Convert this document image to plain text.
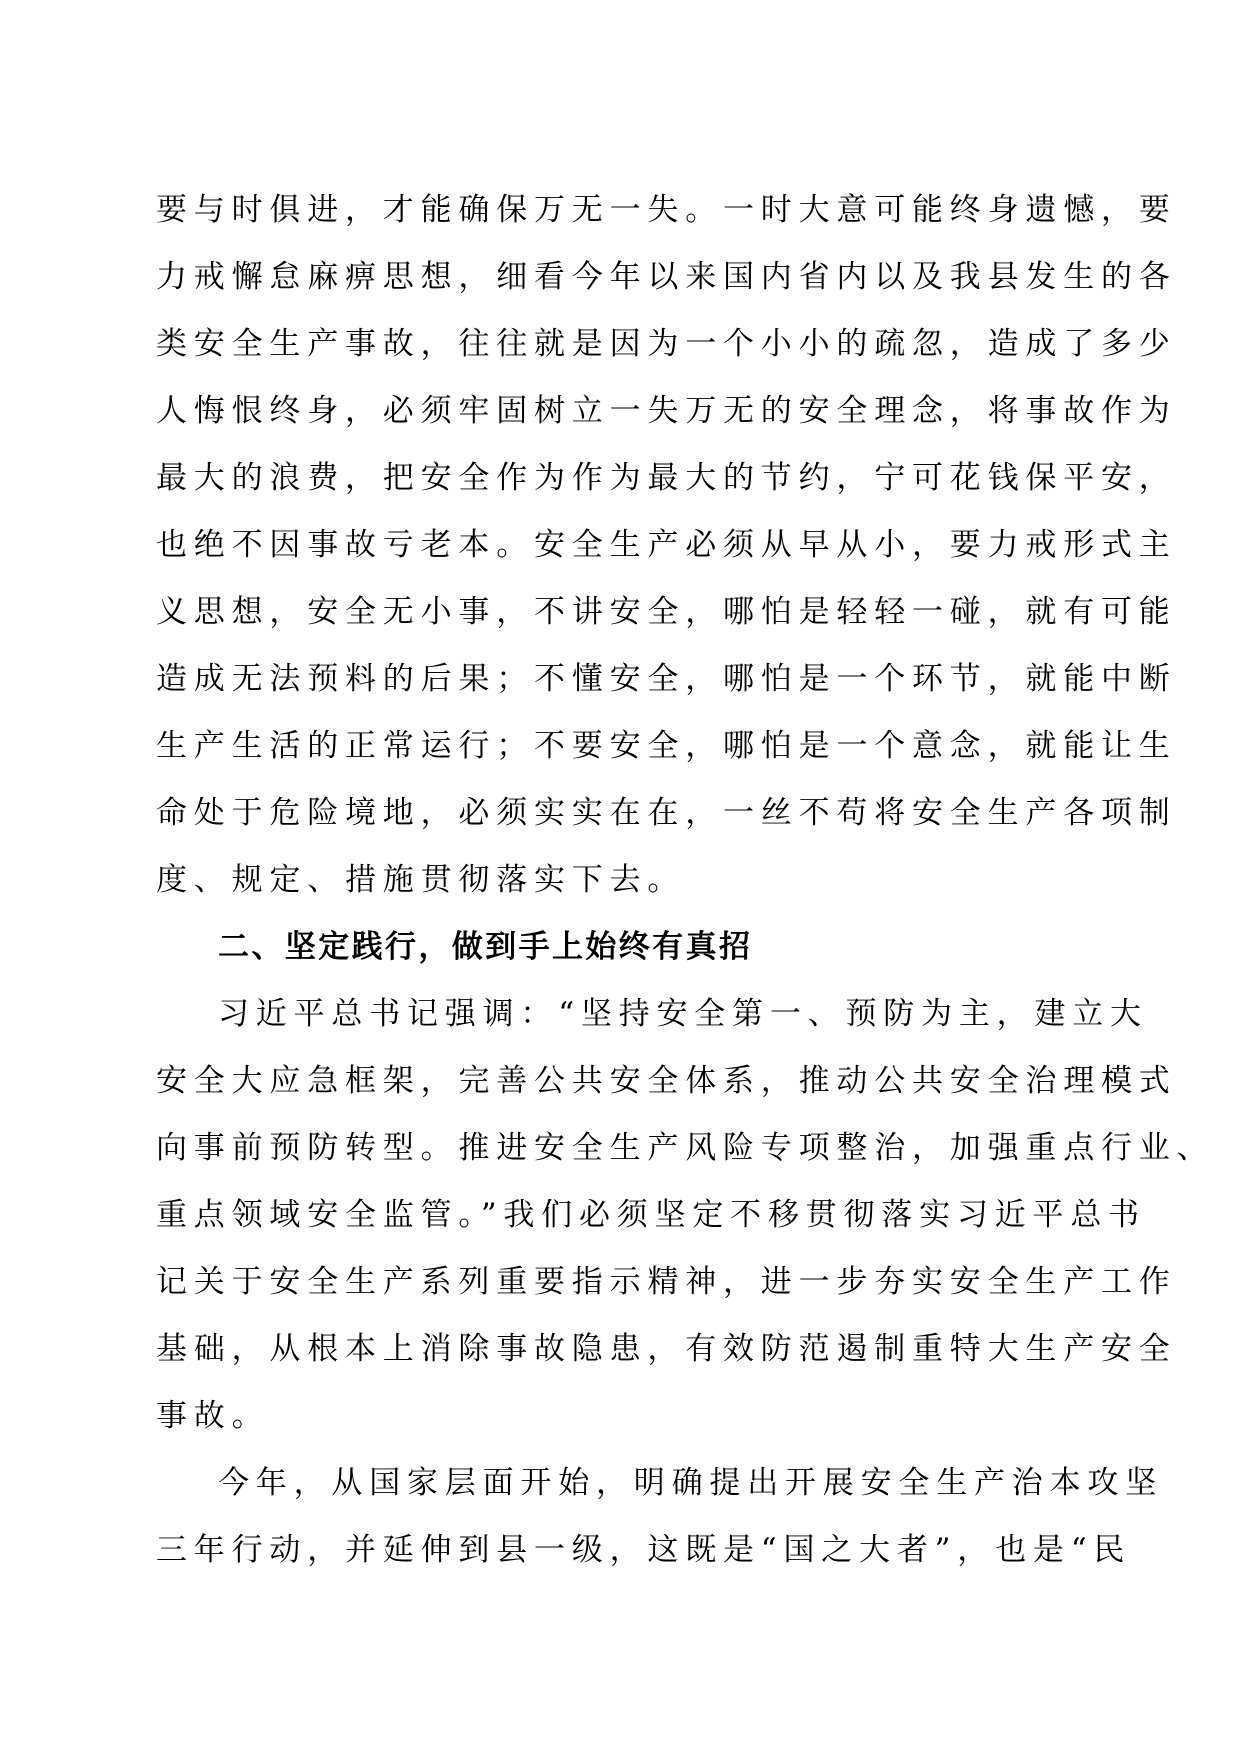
要与时俱进，才能确保万无一失。一时大意可能终身遗憾，要
力戒懈怠麻痹思想，细看今年以来国内省内以及我县发生的各
类安全生产事故，往往就是因为一个小小的疏忽，造成了多少
人悔恨终身，必须牢固树立一失万无的安全理念，将事故作为
最大的浪费，把安全作为作为最大的节约，宁可花钱保平安，
也绝不因事故亏老本。安全生产必须从早从小，要力戒形式主
义思想，安全无小事，不讲安全，哪怕是轻轻一碰，就有可能
造成无法预料的后果；不懂安全，哪怕是一个环节，就能中断
生产生活的正常运行；不要安全，哪怕是一个意念，就能让生
命处于危险境地，必须实实在在，一丝不苟将安全生产各项制
度、规定、措施贯彻落实下去。
二、坚定践行，做到手上始终有真招
习近平总书记强调：“坚持安全第一、预防为主，建立大
安全大应急框架，完善公共安全体系，推动公共安全治理模式
向事前预防转型。推进安全生产风险专项整治，加强重点行业、
重点领域安全监管。”我们必须坚定不移贯彻落实习近平总书
记关于安全生产系列重要指示精神，进一步夯实安全生产工作
基础，从根本上消除事故隐患，有效防范遏制重特大生产安全
事故。
今年，从国家层面开始，明确提出开展安全生产治本攻坚
三年行动，并延伸到县一级，这既是“国之大者”，也是“民
